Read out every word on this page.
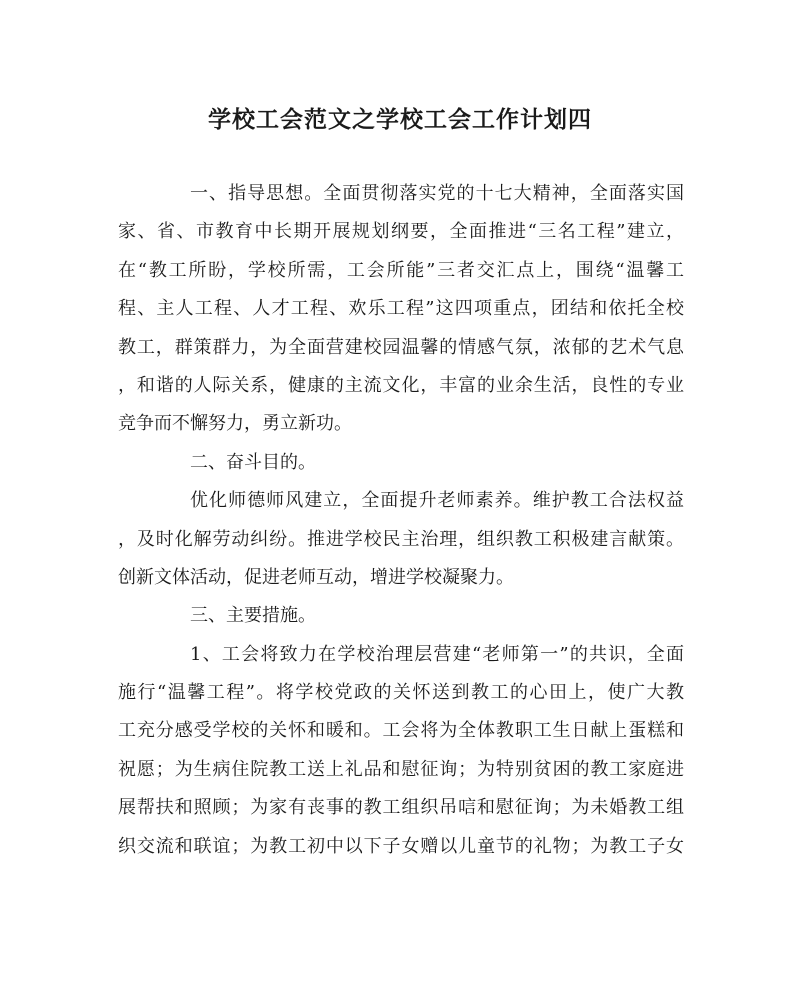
学校工会范文之学校工会工作计划四
一、指导思想。全面贯彻落实党的十七大精神，全面落实国
家、省、市教育中长期开展规划纲要，全面推进“三名工程”建立，
在“教工所盼，学校所需，工会所能”三者交汇点上，围绕“温馨工
程、主人工程、人才工程、欢乐工程”这四项重点，团结和依托全校
教工，群策群力，为全面营建校园温馨的情感气氛，浓郁的艺术气息
，和谐的人际关系，健康的主流文化，丰富的业余生活，良性的专业
竞争而不懈努力，勇立新功。
二、奋斗目的。
优化师德师风建立，全面提升老师素养。维护教工合法权益
，及时化解劳动纠纷。推进学校民主治理，组织教工积极建言献策。
创新文体活动，促进老师互动，增进学校凝聚力。
三、主要措施。
1、工会将致力在学校治理层营建“老师第一”的共识，全面
施行“温馨工程”。将学校党政的关怀送到教工的心田上，使广大教
工充分感受学校的关怀和暖和。工会将为全体教职工生日献上蛋糕和
祝愿；为生病住院教工送上礼品和慰征询；为特别贫困的教工家庭进
展帮扶和照顾；为家有丧事的教工组织吊唁和慰征询；为未婚教工组
织交流和联谊；为教工初中以下子女赠以儿童节的礼物；为教工子女
